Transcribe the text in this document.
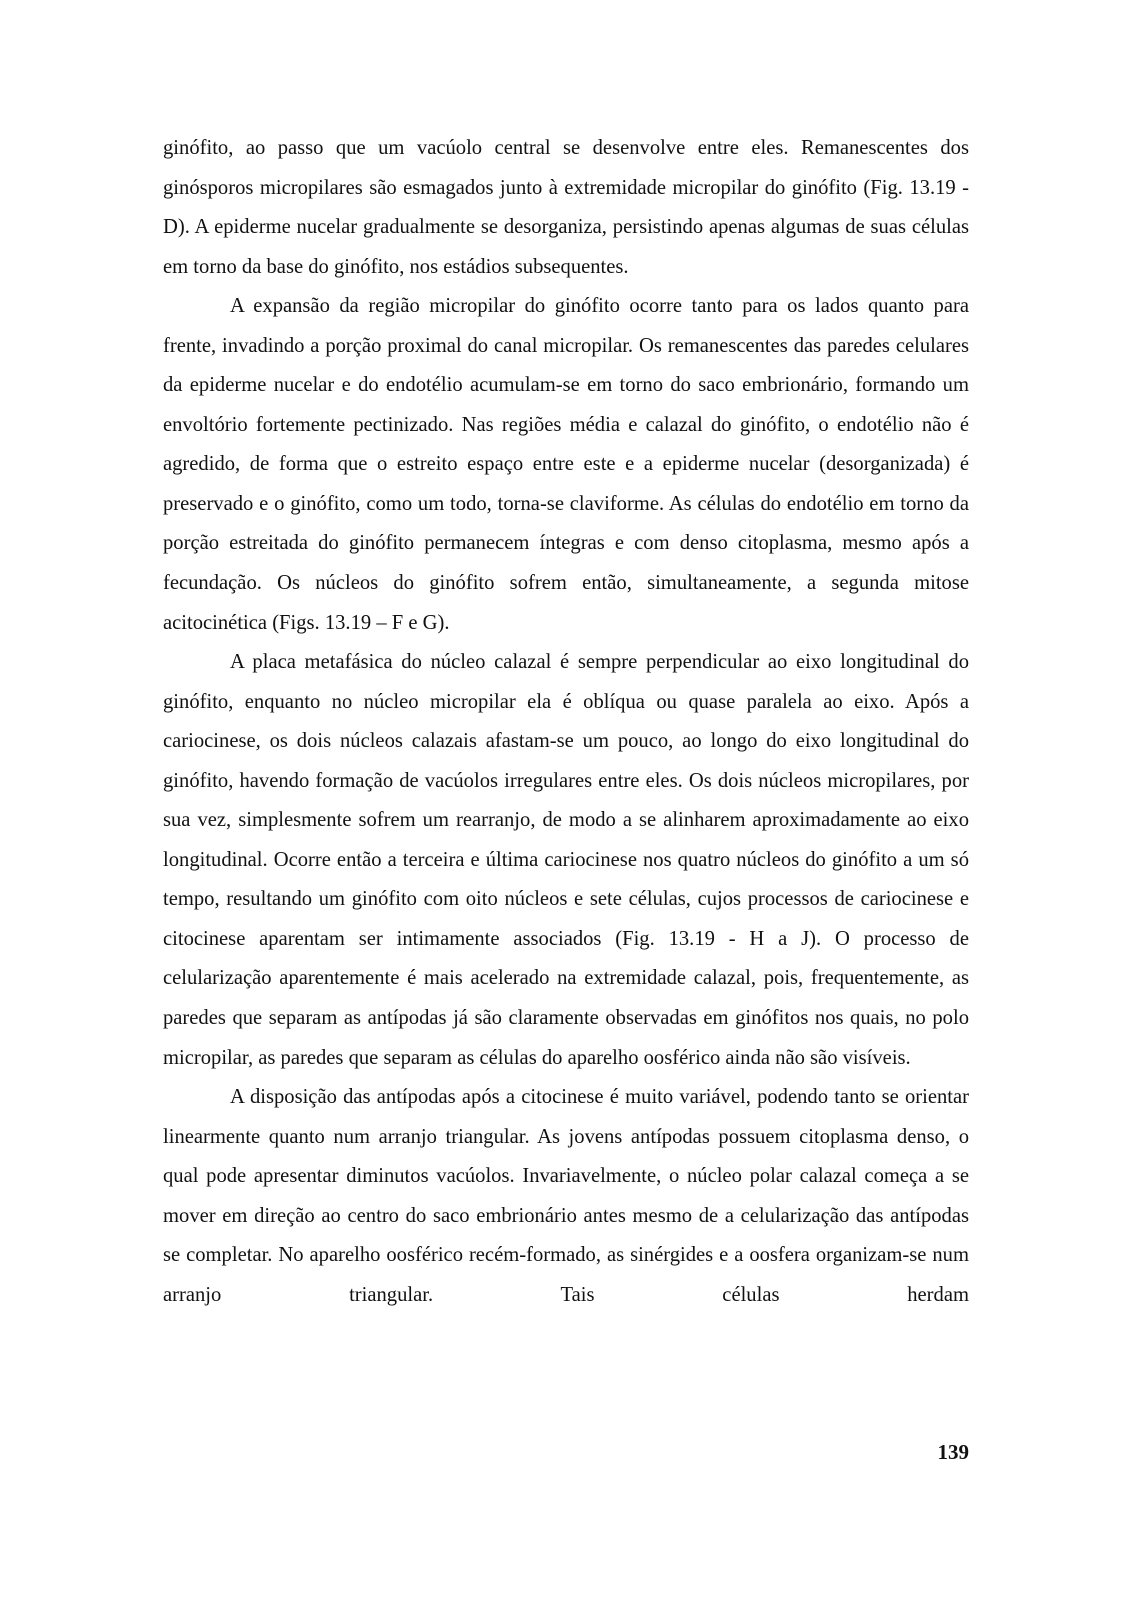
ginófito, ao passo que um vacúolo central se desenvolve entre eles. Remanescentes dos ginósporos micropilares são esmagados junto à extremidade micropilar do ginófito (Fig. 13.19 - D). A epiderme nucelar gradualmente se desorganiza, persistindo apenas algumas de suas células em torno da base do ginófito, nos estádios subsequentes.

A expansão da região micropilar do ginófito ocorre tanto para os lados quanto para frente, invadindo a porção proximal do canal micropilar. Os remanescentes das paredes celulares da epiderme nucelar e do endotélio acumulam-se em torno do saco embrionário, formando um envoltório fortemente pectinizado. Nas regiões média e calazal do ginófito, o endotélio não é agredido, de forma que o estreito espaço entre este e a epiderme nucelar (desorganizada) é preservado e o ginófito, como um todo, torna-se claviforme. As células do endotélio em torno da porção estreitada do ginófito permanecem íntegras e com denso citoplasma, mesmo após a fecundação. Os núcleos do ginófito sofrem então, simultaneamente, a segunda mitose acitocinética (Figs. 13.19 – F e G).

A placa metafásica do núcleo calazal é sempre perpendicular ao eixo longitudinal do ginófito, enquanto no núcleo micropilar ela é oblíqua ou quase paralela ao eixo. Após a cariocinese, os dois núcleos calazais afastam-se um pouco, ao longo do eixo longitudinal do ginófito, havendo formação de vacúolos irregulares entre eles. Os dois núcleos micropilares, por sua vez, simplesmente sofrem um rearranjo, de modo a se alinharem aproximadamente ao eixo longitudinal. Ocorre então a terceira e última cariocinese nos quatro núcleos do ginófito a um só tempo, resultando um ginófito com oito núcleos e sete células, cujos processos de cariocinese e citocinese aparentam ser intimamente associados (Fig. 13.19 - H a J). O processo de celularização aparentemente é mais acelerado na extremidade calazal, pois, frequentemente, as paredes que separam as antípodas já são claramente observadas em ginófitos nos quais, no polo micropilar, as paredes que separam as células do aparelho oosférico ainda não são visíveis.

A disposição das antípodas após a citocinese é muito variável, podendo tanto se orientar linearmente quanto num arranjo triangular. As jovens antípodas possuem citoplasma denso, o qual pode apresentar diminutos vacúolos. Invariavelmente, o núcleo polar calazal começa a se mover em direção ao centro do saco embrionário antes mesmo de a celularização das antípodas se completar. No aparelho oosférico recém-formado, as sinérgides e a oosfera organizam-se num arranjo triangular. Tais células herdam

139
